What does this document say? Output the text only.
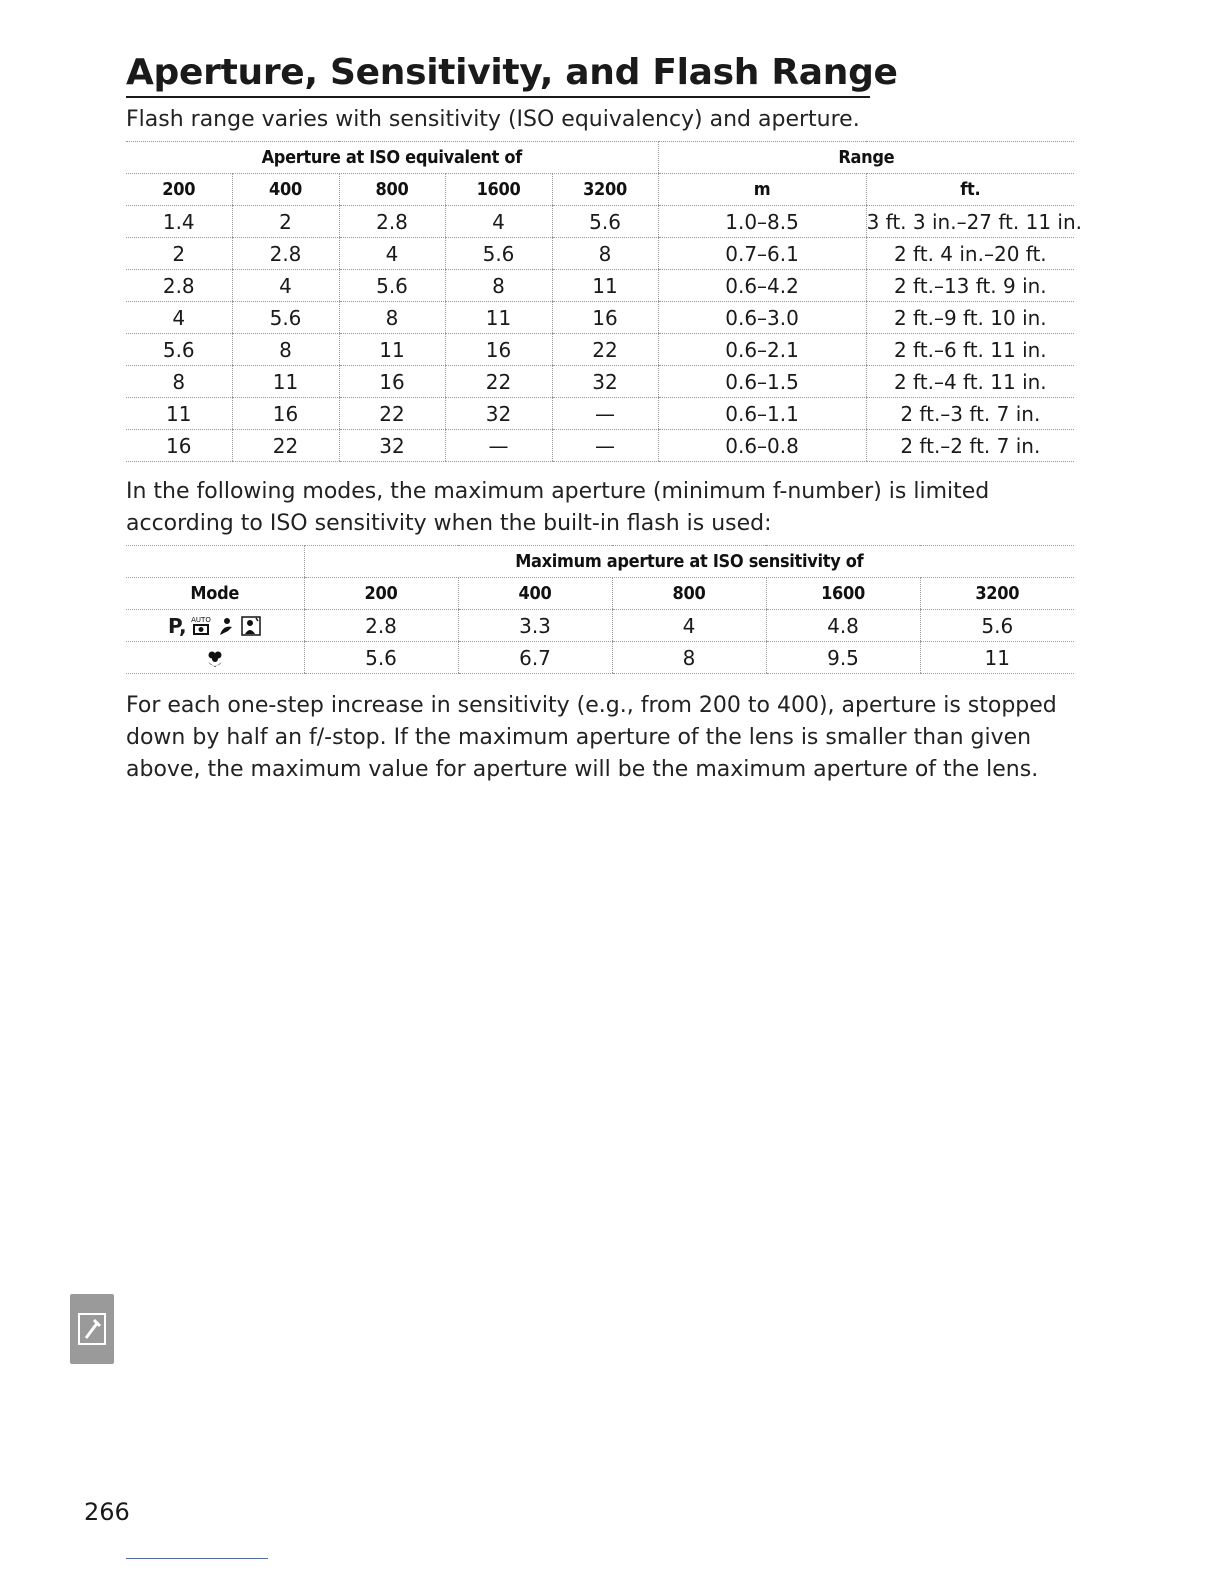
Aperture, Sensitivity, and Flash Range

Flash range varies with sensitivity (ISO equivalency) and aperture.

Aperture at ISO equivalent of					Range	
200	400	800	1600	3200	m	ft.
1.4	2	2.8	4	5.6	1.0–8.5	3 ft. 3 in.–27 ft. 11 in.
2	2.8	4	5.6	8	0.7–6.1	2 ft. 4 in.–20 ft.
2.8	4	5.6	8	11	0.6–4.2	2 ft.–13 ft. 9 in.
4	5.6	8	11	16	0.6–3.0	2 ft.–9 ft. 10 in.
5.6	8	11	16	22	0.6–2.1	2 ft.–6 ft. 11 in.
8	11	16	22	32	0.6–1.5	2 ft.–4 ft. 11 in.
11	16	22	32	—	0.6–1.1	2 ft.–3 ft. 7 in.
16	22	32	—	—	0.6–0.8	2 ft.–2 ft. 7 in.

In the following modes, the maximum aperture (minimum f-number) is limited according to ISO sensitivity when the built-in flash is used:

	Maximum aperture at ISO sensitivity of				
Mode	200	400	800	1600	3200

P, AUTO	2.8	3.3	4	4.8	5.6

	5.6	6.7	8	9.5	11

For each one-step increase in sensitivity (e.g., from 200 to 400), aperture is stopped down by half an f/-stop. If the maximum aperture of the lens is smaller than given above, the maximum value for aperture will be the maximum aperture of the lens.

266
